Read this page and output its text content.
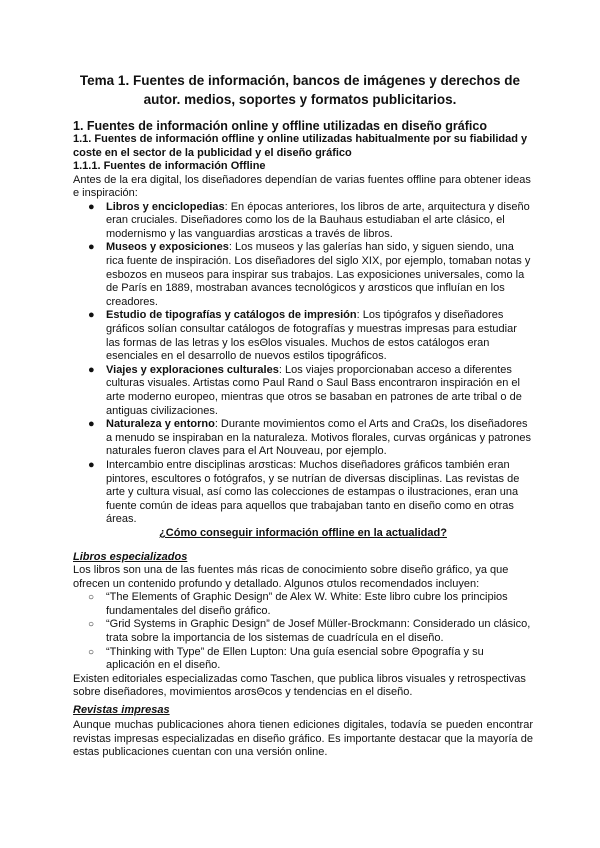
Tema 1. Fuentes de información, bancos de imágenes y derechos de autor. medios, soportes y formatos publicitarios.
1. Fuentes de información online y offline utilizadas en diseño gráfico
1.1. Fuentes de información offline y online utilizadas habitualmente por su fiabilidad y coste en el sector de la publicidad y el diseño gráfico
1.1.1. Fuentes de información Offline
Antes de la era digital, los diseñadores dependían de varias fuentes offline para obtener ideas e inspiración:
● Libros y enciclopedias: En épocas anteriores, los libros de arte, arquitectura y diseño eran cruciales. Diseñadores como los de la Bauhaus estudiaban el arte clásico, el modernismo y las vanguardias arσsticas a través de libros.
● Museos y exposiciones: Los museos y las galerías han sido, y siguen siendo, una rica fuente de inspiración. Los diseñadores del siglo XIX, por ejemplo, tomaban notas y esbozos en museos para inspirar sus trabajos. Las exposiciones universales, como la de París en 1889, mostraban avances tecnológicos y arσsticos que influían en los creadores.
● Estudio de tipografías y catálogos de impresión: Los tipógrafos y diseñadores gráficos solían consultar catálogos de fotografías y muestras impresas para estudiar las formas de las letras y los esΘlos visuales. Muchos de estos catálogos eran esenciales en el desarrollo de nuevos estilos tipográficos.
● Viajes y exploraciones culturales: Los viajes proporcionaban acceso a diferentes culturas visuales. Artistas como Paul Rand o Saul Bass encontraron inspiración en el arte moderno europeo, mientras que otros se basaban en patrones de arte tribal o de antiguas civilizaciones.
● Naturaleza y entorno: Durante movimientos como el Arts and CraΩs, los diseñadores a menudo se inspiraban en la naturaleza. Motivos florales, curvas orgánicas y patrones naturales fueron claves para el Art Nouveau, por ejemplo.
● Intercambio entre disciplinas arσsticas: Muchos diseñadores gráficos también eran pintores, escultores o fotógrafos, y se nutrían de diversas disciplinas. Las revistas de arte y cultura visual, así como las colecciones de estampas o ilustraciones, eran una fuente común de ideas para aquellos que trabajaban tanto en diseño como en otras áreas.
¿Cómo conseguir información offline en la actualidad?
Libros especializados
Los libros son una de las fuentes más ricas de conocimiento sobre diseño gráfico, ya que ofrecen un contenido profundo y detallado. Algunos σtulos recomendados incluyen:
○ “The Elements of Graphic Design” de Alex W. White: Este libro cubre los principios fundamentales del diseño gráfico.
○ “Grid Systems in Graphic Design” de Josef Müller-Brockmann: Considerado un clásico, trata sobre la importancia de los sistemas de cuadrícula en el diseño.
○ “Thinking with Type” de Ellen Lupton: Una guía esencial sobre Θpografía y su aplicación en el diseño.
Existen editoriales especializadas como Taschen, que publica libros visuales y retrospectivas sobre diseñadores, movimientos arσsΘcos y tendencias en el diseño.
Revistas impresas
Aunque muchas publicaciones ahora tienen ediciones digitales, todavía se pueden encontrar revistas impresas especializadas en diseño gráfico. Es importante destacar que la mayoría de estas publicaciones cuentan con una versión online.
